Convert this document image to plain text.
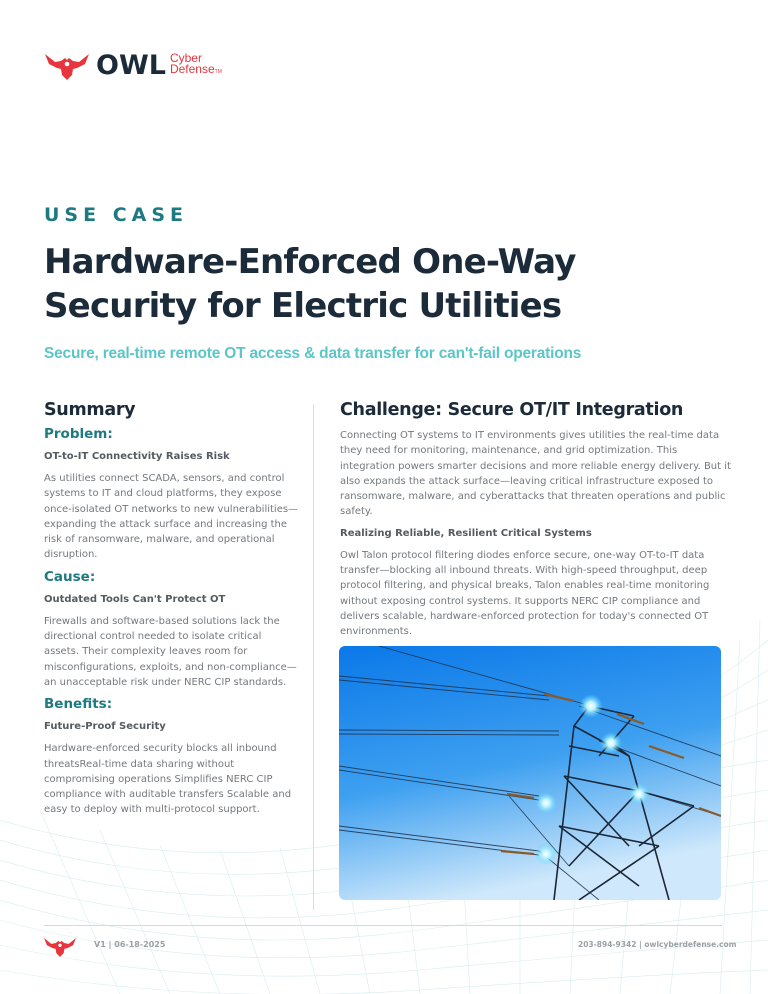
OWL Cyber
DefenseTM
USE CASE
Hardware-Enforced One-Way
Security for Electric Utilities
Secure, real-time remote OT access & data transfer for can't-fail operations
Summary
Problem:
OT-to-IT Connectivity Raises Risk

As utilities connect SCADA, sensors, and control systems to IT and cloud platforms, they expose once-isolated OT networks to new vulnerabilities—expanding the attack surface and increasing the risk of ransomware, malware, and operational disruption.

Cause:
Outdated Tools Can't Protect OT

Firewalls and software-based solutions lack the directional control needed to isolate critical assets. Their complexity leaves room for misconfigurations, exploits, and non-compliance—an unacceptable risk under NERC CIP standards.

Benefits:
Future-Proof Security

Hardware-enforced security blocks all inbound threatsReal-time data sharing without compromising operations Simplifies NERC CIP compliance with auditable transfers Scalable and easy to deploy with multi-protocol support.

Challenge: Secure OT/IT Integration

Connecting OT systems to IT environments gives utilities the real-time data they need for monitoring, maintenance, and grid optimization. This integration powers smarter decisions and more reliable energy delivery. But it also expands the attack surface—leaving critical infrastructure exposed to ransomware, malware, and cyberattacks that threaten operations and public safety.

Realizing Reliable, Resilient Critical Systems

Owl Talon protocol filtering diodes enforce secure, one-way OT-to-IT data transfer—blocking all inbound threats. With high-speed throughput, deep protocol filtering, and physical breaks, Talon enables real-time monitoring without exposing control systems. It supports NERC CIP compliance and delivers scalable, hardware-enforced protection for today's connected OT environments.

V1 | 06-18-2025	203-894-9342 | owlcyberdefense.com
